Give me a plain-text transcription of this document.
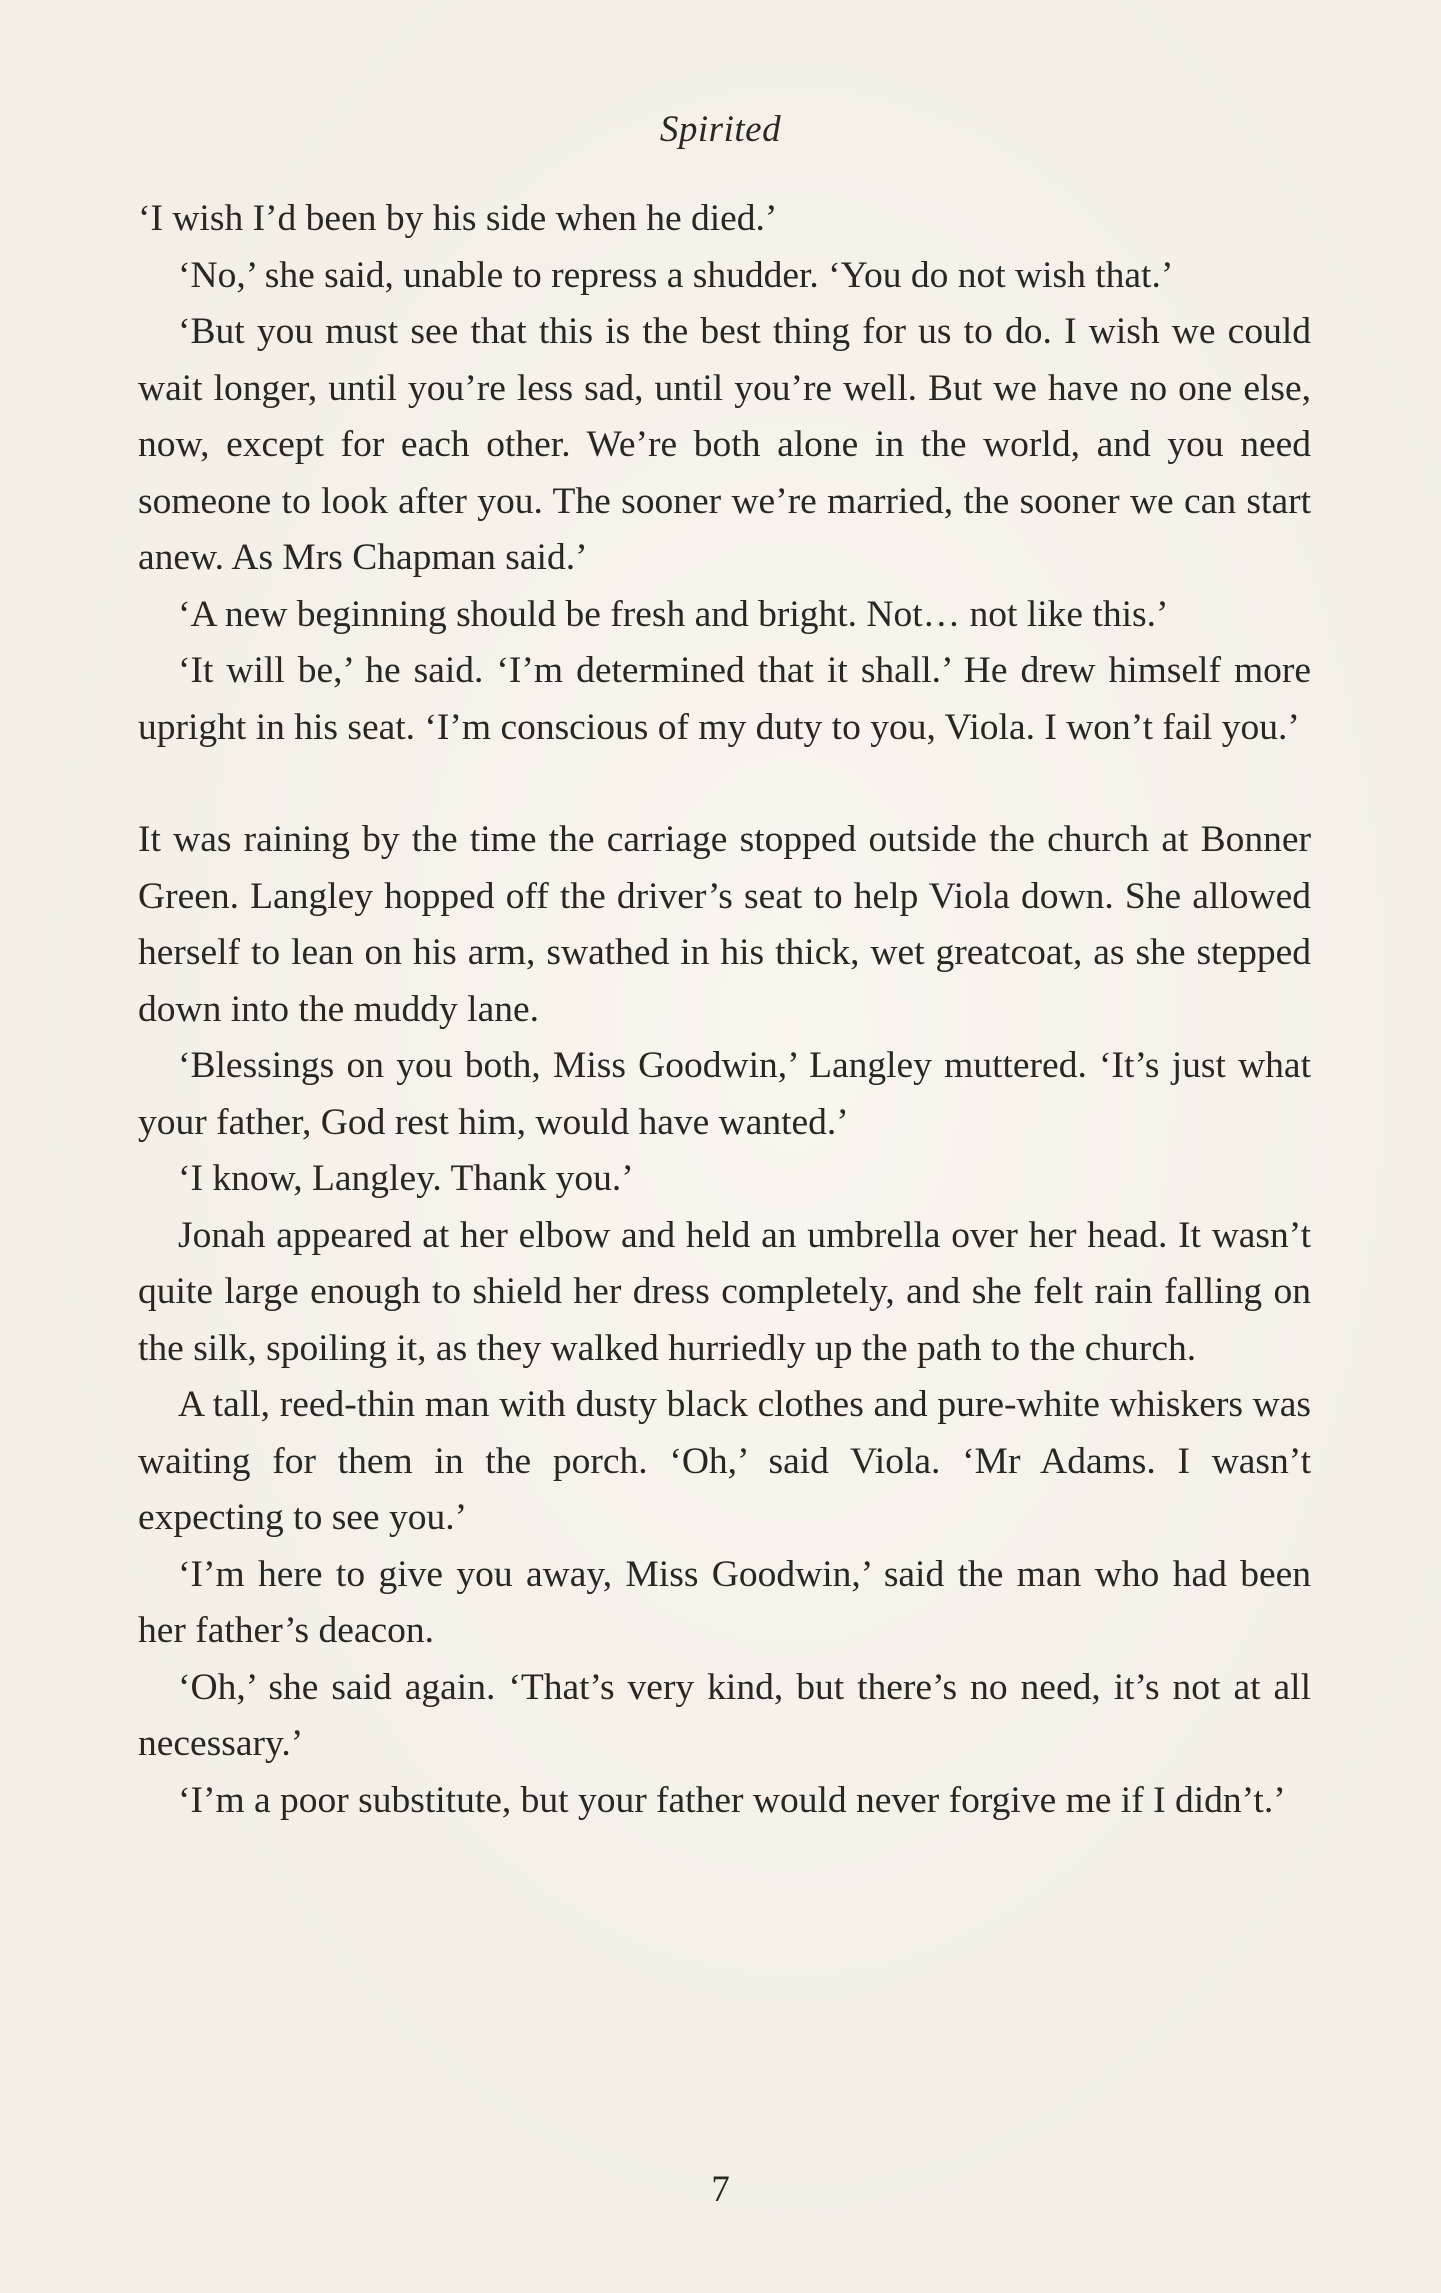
Spirited

‘I wish I’d been by his side when he died.’

‘No,’ she said, unable to repress a shudder. ‘You do not wish that.’

‘But you must see that this is the best thing for us to do. I wish we could wait longer, until you’re less sad, until you’re well. But we have no one else, now, except for each other. We’re both alone in the world, and you need someone to look after you. The sooner we’re married, the sooner we can start anew. As Mrs Chapman said.’

‘A new beginning should be fresh and bright. Not… not like this.’

‘It will be,’ he said. ‘I’m determined that it shall.’ He drew himself more upright in his seat. ‘I’m conscious of my duty to you, Viola. I won’t fail you.’

It was raining by the time the carriage stopped outside the church at Bonner Green. Langley hopped off the driver’s seat to help Viola down. She allowed herself to lean on his arm, swathed in his thick, wet greatcoat, as she stepped down into the muddy lane.

‘Blessings on you both, Miss Goodwin,’ Langley muttered. ‘It’s just what your father, God rest him, would have wanted.’

‘I know, Langley. Thank you.’

Jonah appeared at her elbow and held an umbrella over her head. It wasn’t quite large enough to shield her dress completely, and she felt rain falling on the silk, spoiling it, as they walked hurriedly up the path to the church.

A tall, reed-thin man with dusty black clothes and pure-white whiskers was waiting for them in the porch. ‘Oh,’ said Viola. ‘Mr Adams. I wasn’t expecting to see you.’

‘I’m here to give you away, Miss Goodwin,’ said the man who had been her father’s deacon.

‘Oh,’ she said again. ‘That’s very kind, but there’s no need, it’s not at all necessary.’

‘I’m a poor substitute, but your father would never forgive me if I didn’t.’

7
